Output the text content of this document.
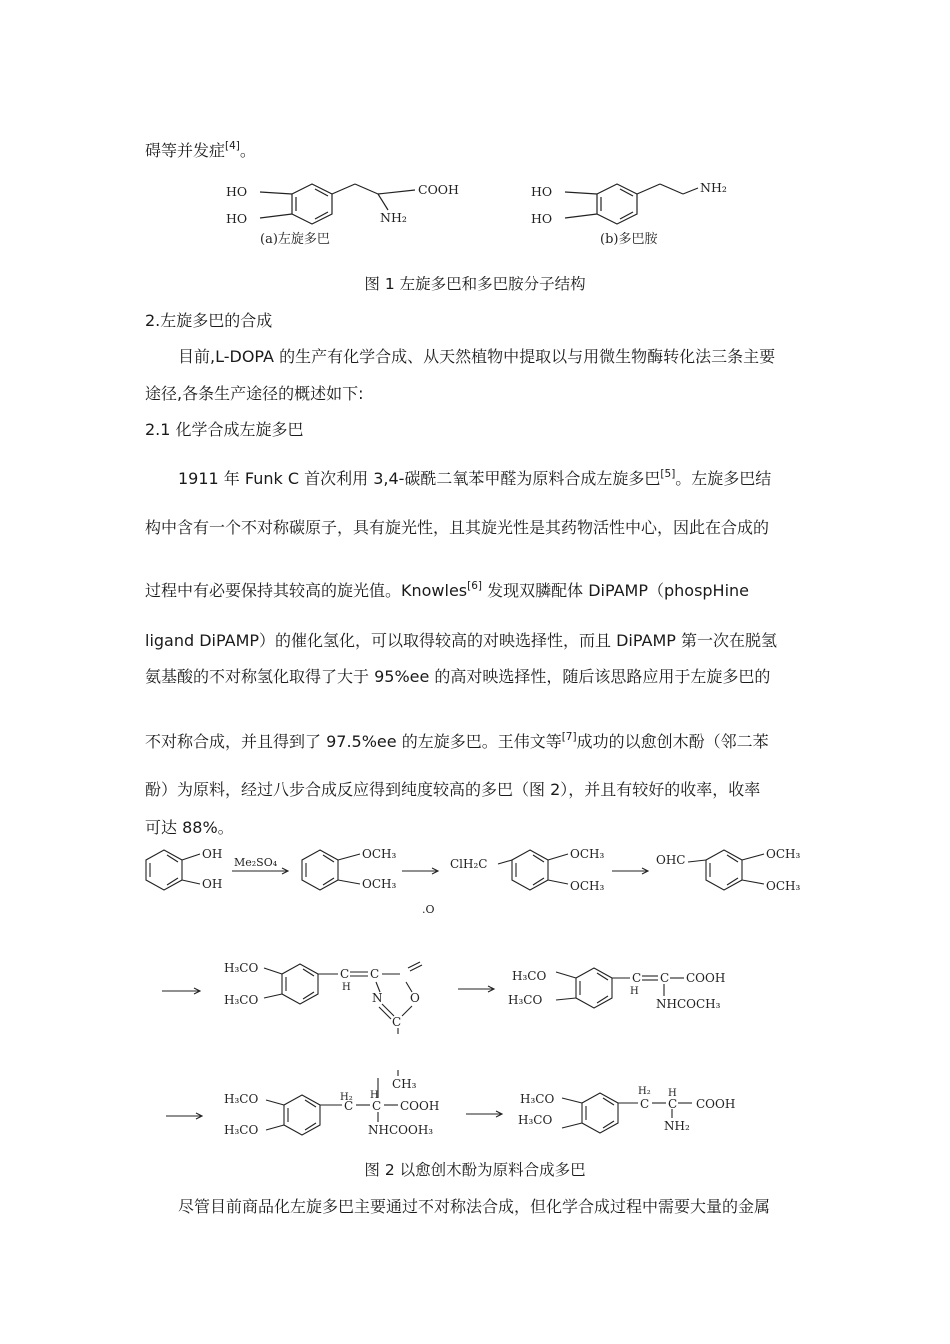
碍等并发症[4]。
HO
HO
COOH
NH₂
(a)左旋多巴
HO
HO
NH₂
(b)多巴胺
图 1 左旋多巴和多巴胺分子结构
2.左旋多巴的合成
目前,L-DOPA 的生产有化学合成、从天然植物中提取以与用微生物酶转化法三条主要
途径,各条生产途径的概述如下:
2.1 化学合成左旋多巴
1911 年 Funk C 首次利用 3,4-碳酰二氧苯甲醛为原料合成左旋多巴[5]。左旋多巴结
构中含有一个不对称碳原子，具有旋光性，且其旋光性是其药物活性中心，因此在合成的
过程中有必要保持其较高的旋光值。Knowles[6] 发现双膦配体 DiPAMP（phospHine
ligand DiPAMP）的催化氢化，可以取得较高的对映选择性，而且 DiPAMP 第一次在脱氢
氨基酸的不对称氢化取得了大于 95%ee 的高对映选择性，随后该思路应用于左旋多巴的
不对称合成，并且得到了 97.5%ee 的左旋多巴。王伟文等[7]成功的以愈创木酚（邻二苯
酚）为原料，经过八步合成反应得到纯度较高的多巴（图 2），并且有较好的收率，收率
可达 88%。
OH
OH
Me₂SO₄
OCH₃
OCH₃
ClH₂C
OCH₃
OCH₃
.O
OHC	OCH₃
OCH₃
H₃CO
H₃CO
C
H
C
N O
C
H₃CO
H₃CO
C
H
C COOH
NHCOCH₃
CH₃
H₃CO
H₃CO
H₂
C
H
C COOH
NHCOOH₃
H₃CO
H₃CO
H₂
C
H
C COOH
NH₂
图 2 以愈创木酚为原料合成多巴
尽管目前商品化左旋多巴主要通过不对称法合成，但化学合成过程中需要大量的金属
